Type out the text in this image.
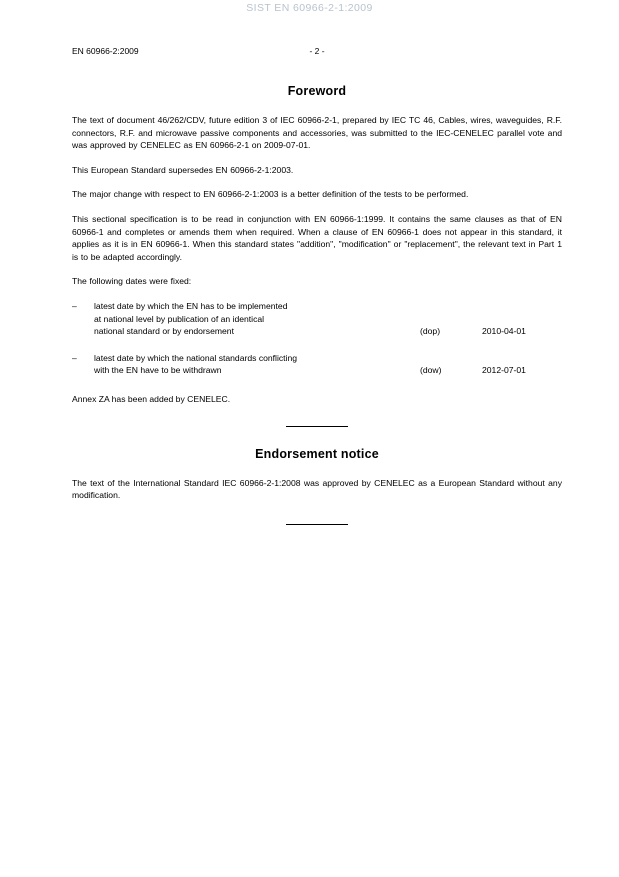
SIST EN 60966-2-1:2009
EN 60966-2:2009	- 2 -
Foreword

The text of document 46/262/CDV, future edition 3 of IEC 60966-2-1, prepared by IEC TC 46, Cables, wires, waveguides, R.F. connectors, R.F. and microwave passive components and accessories, was submitted to the IEC-CENELEC parallel vote and was approved by CENELEC as EN 60966-2-1 on 2009-07-01.

This European Standard supersedes EN 60966-2-1:2003.

The major change with respect to EN 60966-2-1:2003 is a better definition of the tests to be performed.

This sectional specification is to be read in conjunction with EN 60966-1:1999. It contains the same clauses as that of EN 60966-1 and completes or amends them when required. When a clause of EN 60966-1 does not appear in this standard, it applies as it is in EN 60966-1. When this standard states "addition", "modification" or "replacement", the relevant text in Part 1 is to be adapted accordingly.

The following dates were fixed:

–	latest date by which the EN has to be implemented
at national level by publication of an identical
national standard or by endorsement	(dop)	2010-04-01
–	latest date by which the national standards conflicting
with the EN have to be withdrawn	(dow)	2012-07-01

Annex ZA has been added by CENELEC.

Endorsement notice

The text of the International Standard IEC 60966-2-1:2008 was approved by CENELEC as a European Standard without any modification.
